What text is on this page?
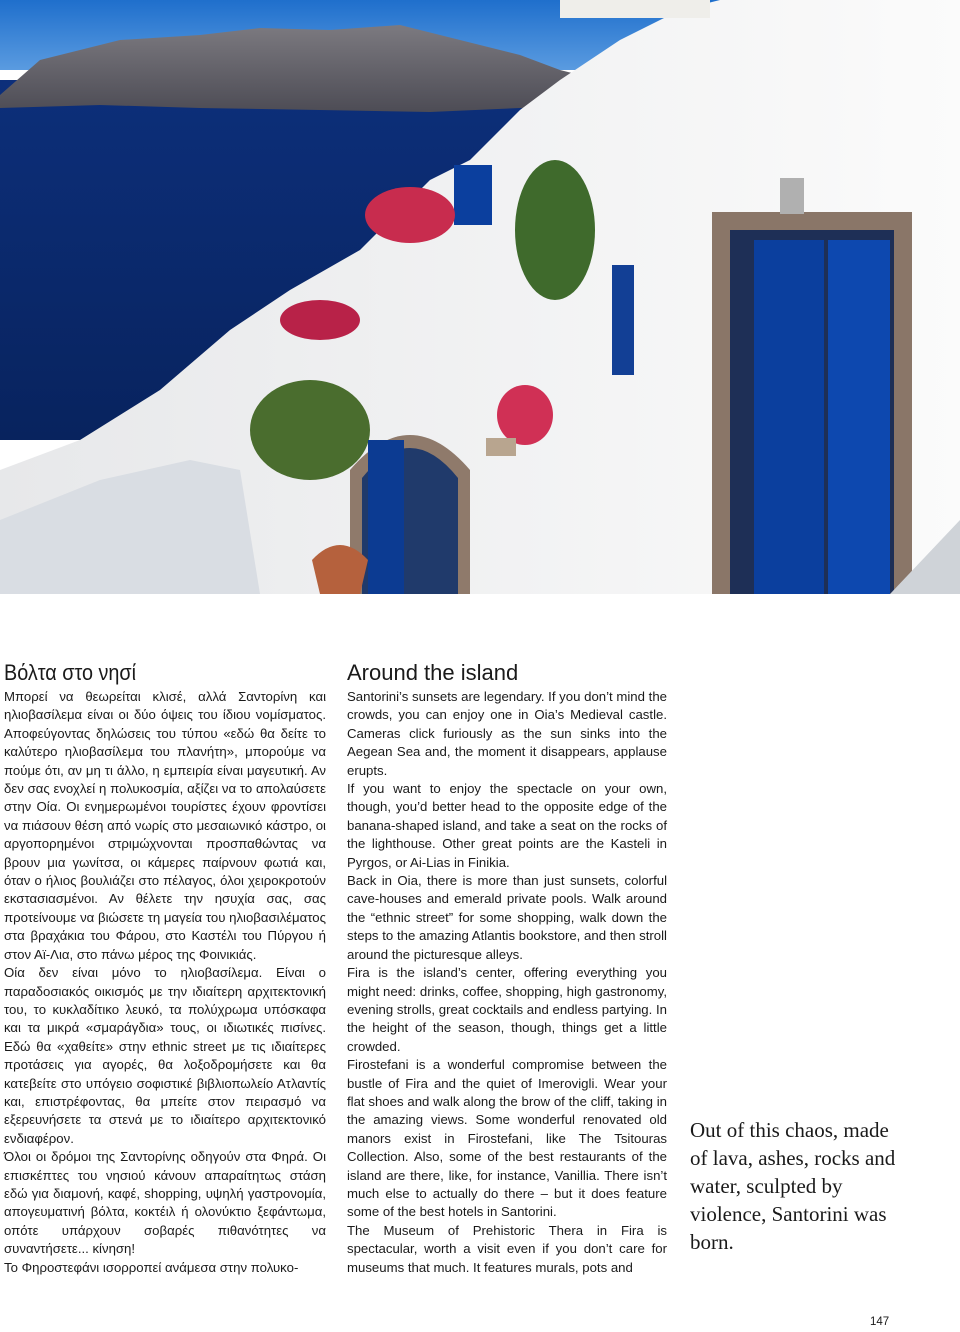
Βόλτα στο νησί

Μπορεί να θεωρείται κλισέ, αλλά Σαντορίνη και ηλιοβασίλεμα είναι οι δύο όψεις του ίδιου νομίσματος. Αποφεύγοντας δηλώσεις του τύπου «εδώ θα δείτε το καλύτερο ηλιοβασίλεμα του πλανήτη», μπορούμε να πούμε ότι, αν μη τι άλλο, η εμπειρία είναι μαγευτική. Αν δεν σας ενοχλεί η πολυκοσμία, αξίζει να το απολαύσετε στην Οία. Οι ενημερωμένοι τουρίστες έχουν φροντίσει να πιάσουν θέση από νωρίς στο μεσαιωνικό κάστρο, οι αργοπορημένοι στριμώχνονται προσπαθώντας να βρουν μια γωνίτσα, οι κάμερες παίρνουν φωτιά και, όταν ο ήλιος βουλιάζει στο πέλαγος, όλοι χειροκροτούν εκστασιασμένοι. Αν θέλετε την ησυχία σας, σας προτείνουμε να βιώσετε τη μαγεία του ηλιοβασιλέματος στα βραχάκια του Φάρου, στο Καστέλι του Πύργου ή στον Αϊ-Λια, στο πάνω μέρος της Φοινικιάς.

Οία δεν είναι μόνο το ηλιοβασίλεμα. Είναι ο παραδοσιακός οικισμός με την ιδιαίτερη αρχιτεκτονική του, το κυκλαδίτικο λευκό, τα πολύχρωμα υπόσκαφα και τα μικρά «σμαράγδια» τους, οι ιδιωτικές πισίνες. Εδώ θα «χαθείτε» στην ethnic street με τις ιδιαίτερες προτάσεις για αγορές, θα λοξοδρομήσετε και θα κατεβείτε στο υπόγειο σοφιστικέ βιβλιοπωλείο Ατλαντίς και, επιστρέφοντας, θα μπείτε στον πειρασμό να εξερευνήσετε τα στενά με το ιδιαίτερο αρχιτεκτονικό ενδιαφέρον.

Όλοι οι δρόμοι της Σαντορίνης οδηγούν στα Φηρά. Οι επισκέπτες του νησιού κάνουν απαραίτητως στάση εδώ για διαμονή, καφέ, shopping, υψηλή γαστρονομία, απογευματινή βόλτα, κοκτέιλ ή ολονύκτιο ξεφάντωμα, οπότε υπάρχουν σοβαρές πιθανότητες να συναντήσετε... κίνηση!

Το Φηροστεφάνι ισορροπεί ανάμεσα στην πολυκο-

Around the island

Santorini’s sunsets are legendary. If you don’t mind the crowds, you can enjoy one in Oia’s Medieval castle. Cameras click furiously as the sun sinks into the Aegean Sea and, the moment it disappears, applause erupts.

If you want to enjoy the spectacle on your own, though, you’d better head to the opposite edge of the banana-shaped island, and take a seat on the rocks of the lighthouse. Other great points are the Kasteli in Pyrgos, or Ai-Lias in Finikia.

Back in Oia, there is more than just sunsets, colorful cave-houses and emerald private pools. Walk around the “ethnic street” for some shopping, walk down the steps to the amazing Atlantis bookstore, and then stroll around the picturesque alleys.

Fira is the island’s center, offering everything you might need: drinks, coffee, shopping, high gastronomy, evening strolls, great cocktails and endless partying. In the height of the season, though, things get a little crowded.

Firostefani is a wonderful compromise between the bustle of Fira and the quiet of Imerovigli. Wear your flat shoes and walk along the brow of the cliff, taking in the amazing views. Some wonderful renovated old manors exist in Firostefani, like The Tsitouras Collection. Also, some of the best restaurants of the island are there, like, for instance, Vanillia. There isn’t much else to actually do there – but it does feature some of the best hotels in Santorini.

The Museum of Prehistoric Thera in Fira is spectacular, worth a visit even if you don’t care for museums that much. It features murals, pots and

Out of this chaos, made of lava, ashes, rocks and water, sculpted by violence, Santorini was born.

147
